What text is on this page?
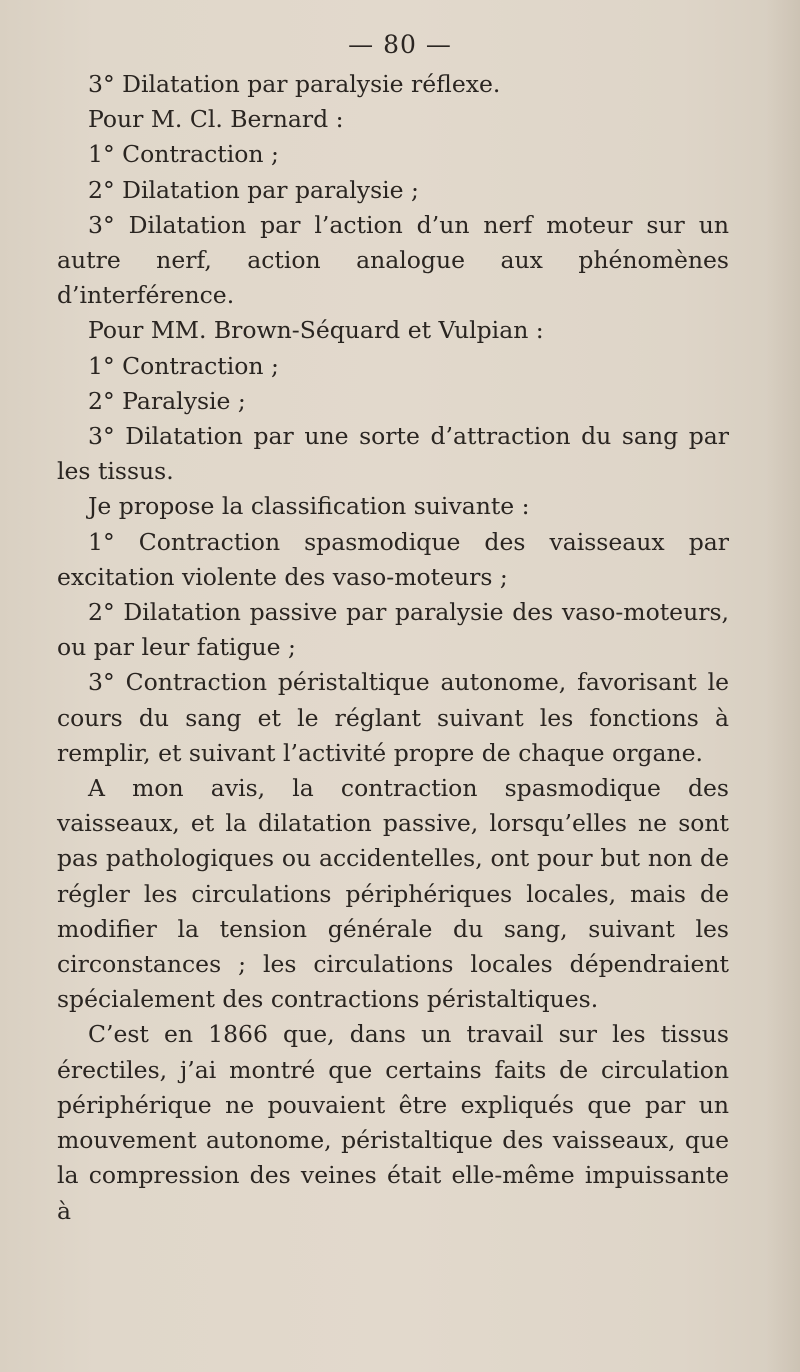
— 80 —

3° Dilatation par paralysie réflexe.

Pour M. Cl. Bernard :

1° Contraction ;

2° Dilatation par paralysie ;

3° Dilatation par l’action d’un nerf moteur sur un autre nerf, action analogue aux phénomènes d’interférence.

Pour MM. Brown-Séquard et Vulpian :

1° Contraction ;

2° Paralysie ;

3° Dilatation par une sorte d’attraction du sang par les tissus.

Je propose la classification suivante :

1° Contraction spasmodique des vaisseaux par excitation violente des vaso-moteurs ;

2° Dilatation passive par paralysie des vaso-moteurs, ou par leur fatigue ;

3° Contraction péristaltique autonome, favorisant le cours du sang et le réglant suivant les fonctions à remplir, et suivant l’activité propre de chaque organe.

A mon avis, la contraction spasmodique des vaisseaux, et la dilatation passive, lorsqu’elles ne sont pas pathologiques ou accidentelles, ont pour but non de régler les circulations périphériques locales, mais de modifier la tension générale du sang, suivant les circonstances ; les circulations locales dépendraient spécialement des contractions péristaltiques.

C’est en 1866 que, dans un travail sur les tissus érectiles, j’ai montré que certains faits de circulation périphérique ne pouvaient être expliqués que par un mouvement autonome, péristaltique des vaisseaux, que la compression des veines était elle-même impuissante à
